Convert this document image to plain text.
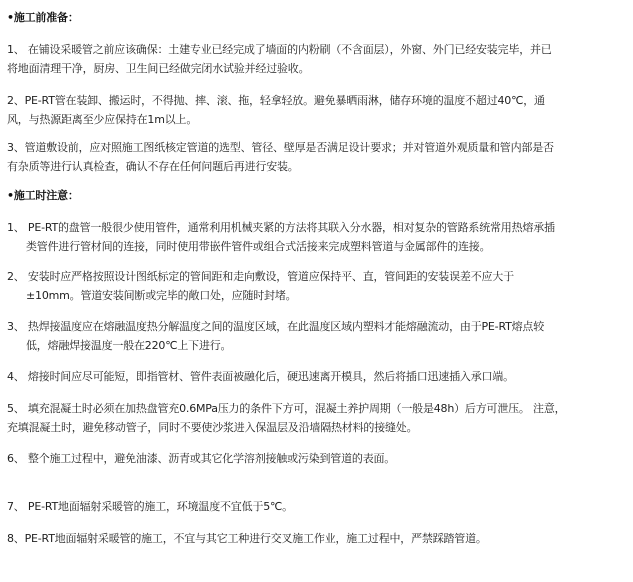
•施工前准备：
1、 在铺设采暖管之前应该确保：土建专业已经完成了墙面的内粉刷（不含面层），外窗、外门已经安装完毕，并已
将地面清理干净，厨房、卫生间已经做完闭水试验并经过验收。
2、PE-RT管在装卸、搬运时，不得抛、摔、滚、拖，轻拿轻放。避免暴晒雨淋，储存环境的温度不超过40℃，通
风，与热源距离至少应保持在1m以上。
3、管道敷设前，应对照施工图纸核定管道的选型、管径、壁厚是否满足设计要求；并对管道外观质量和管内部是否
有杂质等进行认真检查，确认不存在任何问题后再进行安装。
•施工时注意：
1、 PE-RT的盘管一般很少使用管件，通常利用机械夹紧的方法将其联入分水器，相对复杂的管路系统常用热熔承插
类管件进行管材间的连接，同时使用带嵌件管件或组合式活接来完成塑料管道与金属部件的连接。
2、 安装时应严格按照设计图纸标定的管间距和走向敷设，管道应保持平、直，管间距的安装误差不应大于
±10mm。管道安装间断或完毕的敞口处，应随时封堵。
3、 热焊接温度应在熔融温度热分解温度之间的温度区域，在此温度区域内塑料才能熔融流动，由于PE-RT熔点较
低，熔融焊接温度一般在220℃上下进行。
4、 熔接时间应尽可能短，即指管材、管件表面被融化后，硬迅速离开模具，然后将插口迅速插入承口端。
5、 填充混凝土时必须在加热盘管充0.6MPa压力的条件下方可，混凝土养护周期（一般是48h）后方可泄压。 注意，
充填混凝土时，避免移动管子，同时不要使沙浆进入保温层及沿墙隔热材料的接缝处。
6、 整个施工过程中，避免油漆、沥青或其它化学溶剂接触或污染到管道的表面。
7、 PE-RT地面辐射采暖管的施工，环境温度不宜低于5℃。
8、PE-RT地面辐射采暖管的施工，不宜与其它工种进行交叉施工作业，施工过程中，严禁踩踏管道。
